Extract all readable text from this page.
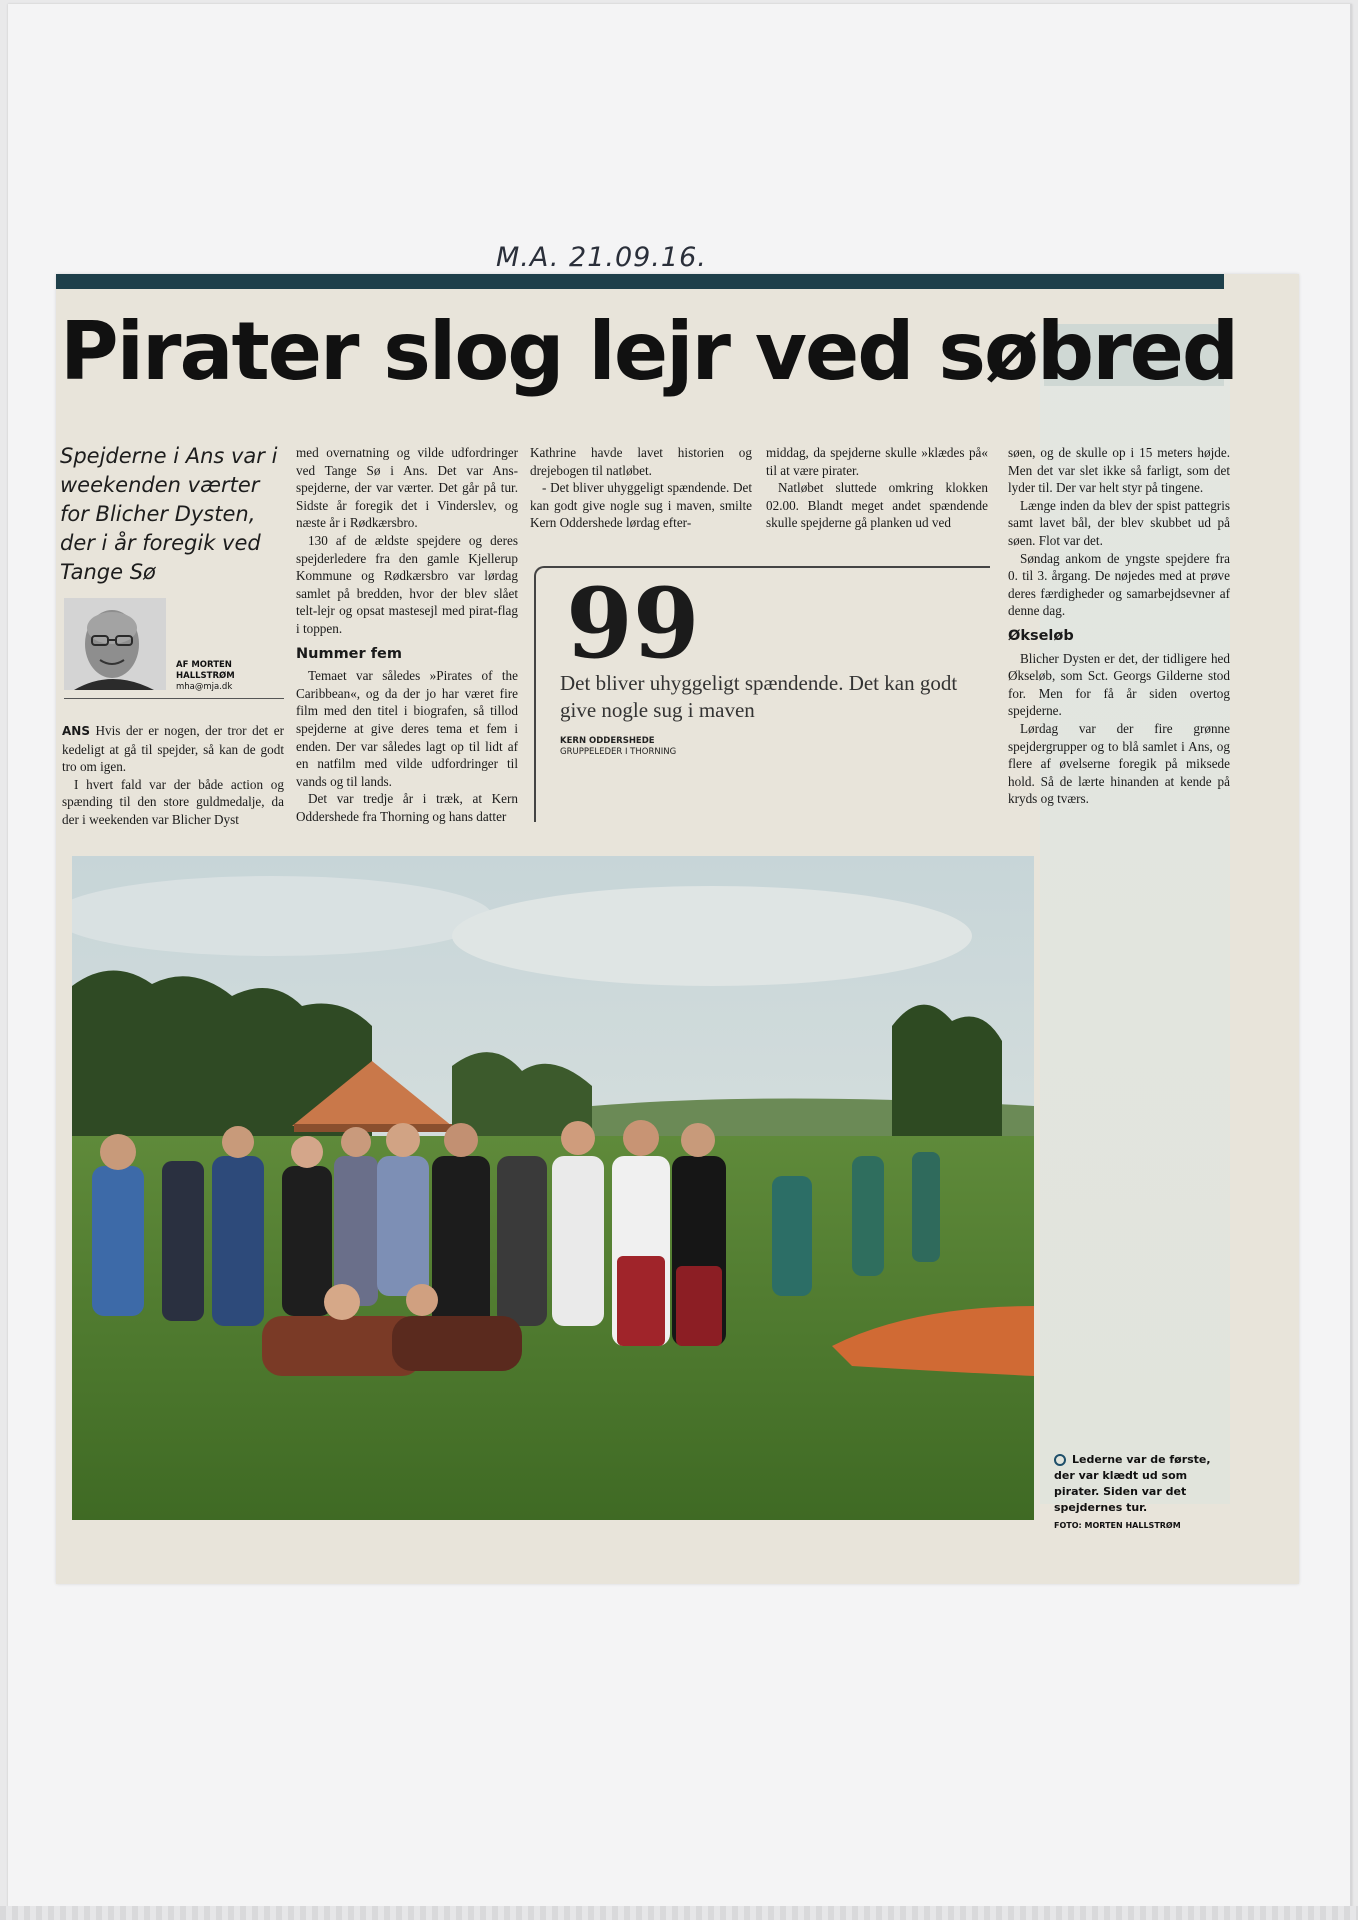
M.A. 21.09.16.
Pirater slog lejr ved søbred
Spejderne i Ans var i weekenden værter for Blicher Dysten, der i år foregik ved Tange Sø
AF MORTEN HALLSTRØM
mha@mja.dk

ANS Hvis der er nogen, der tror det er kedeligt at gå til spejder, så kan de godt tro om igen.

I hvert fald var der både action og spænding til den store guldmedalje, da der i weekenden var Blicher Dyst

med overnatning og vilde udfordringer ved Tange Sø i Ans. Det var Ans-spejderne, der var værter. Det går på tur. Sidste år foregik det i Vinderslev, og næste år i Rødkærsbro.

130 af de ældste spejdere og deres spejderledere fra den gamle Kjellerup Kommune og Rødkærsbro var lørdag samlet på bredden, hvor der blev slået telt-lejr og opsat mastesejl med pirat-flag i toppen.

Nummer fem

Temaet var således »Pirates of the Caribbean«, og da der jo har været fire film med den titel i biografen, så tillod spejderne at give deres tema et fem i enden. Der var således lagt op til lidt af en natfilm med vilde udfordringer til vands og til lands.

Det var tredje år i træk, at Kern Oddershede fra Thorning og hans datter

Kathrine havde lavet historien og drejebogen til natløbet.

- Det bliver uhyggeligt spændende. Det kan godt give nogle sug i maven, smilte Kern Oddershede lørdag efter-

middag, da spejderne skulle »klædes på« til at være pirater.

Natløbet sluttede omkring klokken 02.00. Blandt meget andet spændende skulle spejderne gå planken ud ved

søen, og de skulle op i 15 meters højde. Men det var slet ikke så farligt, som det lyder til. Der var helt styr på tingene.

Længe inden da blev der spist pattegris samt lavet bål, der blev skubbet ud på søen. Flot var det.

Søndag ankom de yngste spejdere fra 0. til 3. årgang. De nøjedes med at prøve deres færdigheder og samarbejdsevner af denne dag.

Økseløb

Blicher Dysten er det, der tidligere hed Økseløb, som Sct. Georgs Gilderne stod for. Men for få år siden overtog spejderne.

Lørdag var der fire grønne spejdergrupper og to blå samlet i Ans, og flere af øvelserne foregik på miksede hold. Så de lærte hinanden at kende på kryds og tværs.

99
Det bliver uhyggeligt spændende. Det kan godt give nogle sug i maven
KERN ODDERSHEDE
GRUPPELEDER I THORNING
Lederne var de første, der var klædt ud som pirater. Siden var det spejdernes tur.
FOTO: MORTEN HALLSTRØM
